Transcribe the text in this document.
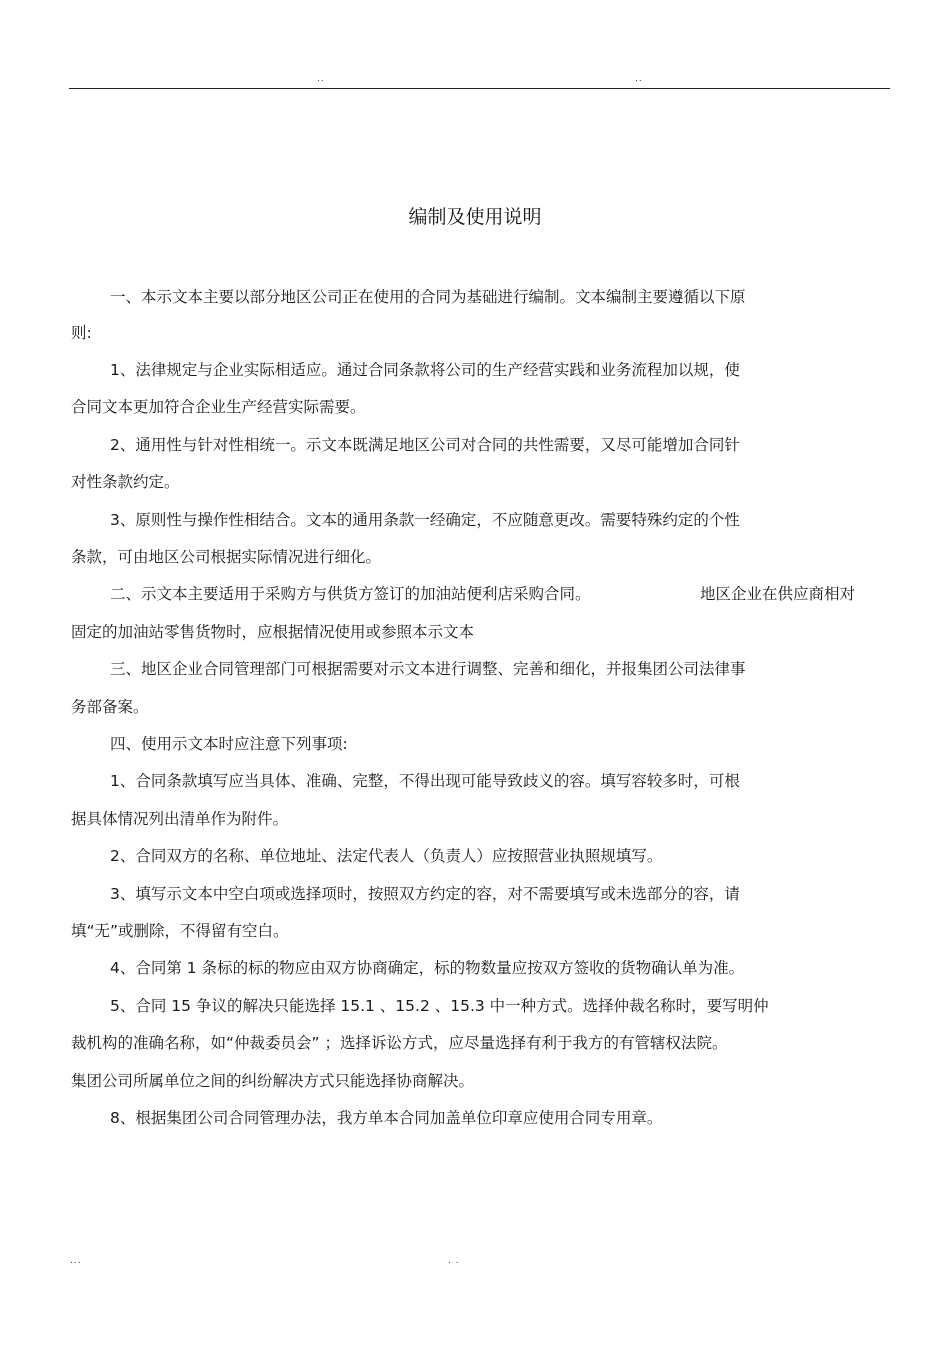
..	..
编制及使用说明
一、本示文本主要以部分地区公司正在使用的合同为基础进行编制。文本编制主要遵循以下原
则:
1、法律规定与企业实际相适应。通过合同条款将公司的生产经营实践和业务流程加以规，使
合同文本更加符合企业生产经营实际需要。
2、通用性与针对性相统一。示文本既满足地区公司对合同的共性需要，又尽可能增加合同针
对性条款约定。
3、原则性与操作性相结合。文本的通用条款一经确定，不应随意更改。需要特殊约定的个性
条款，可由地区公司根据实际情况进行细化。
二、示文本主要适用于采购方与供货方签订的加油站便利店采购合同。	地区企业在供应商相对
固定的加油站零售货物时，应根据情况使用或参照本示文本
三、地区企业合同管理部门可根据需要对示文本进行调整、完善和细化，并报集团公司法律事
务部备案。
四、使用示文本时应注意下列事项:
1、合同条款填写应当具体、准确、完整，不得出现可能导致歧义的容。填写容较多时，可根
据具体情况列出清单作为附件。
2、合同双方的名称、单位地址、法定代表人（负责人）应按照营业执照规填写。
3、填写示文本中空白项或选择项时，按照双方约定的容，对不需要填写或未选部分的容，请
填“无”或删除，不得留有空白。
4、合同第 1 条标的标的物应由双方协商确定，标的物数量应按双方签收的货物确认单为准。
5、合同 15 争议的解决只能选择 15.1 、15.2 、15.3 中一种方式。选择仲裁名称时，要写明仲
裁机构的准确名称，如“仲裁委员会” ；选择诉讼方式，应尽量选择有利于我方的有管辖权法院。
集团公司所属单位之间的纠纷解决方式只能选择协商解决。
8、根据集团公司合同管理办法，我方单本合同加盖单位印章应使用合同专用章。
...	. .
